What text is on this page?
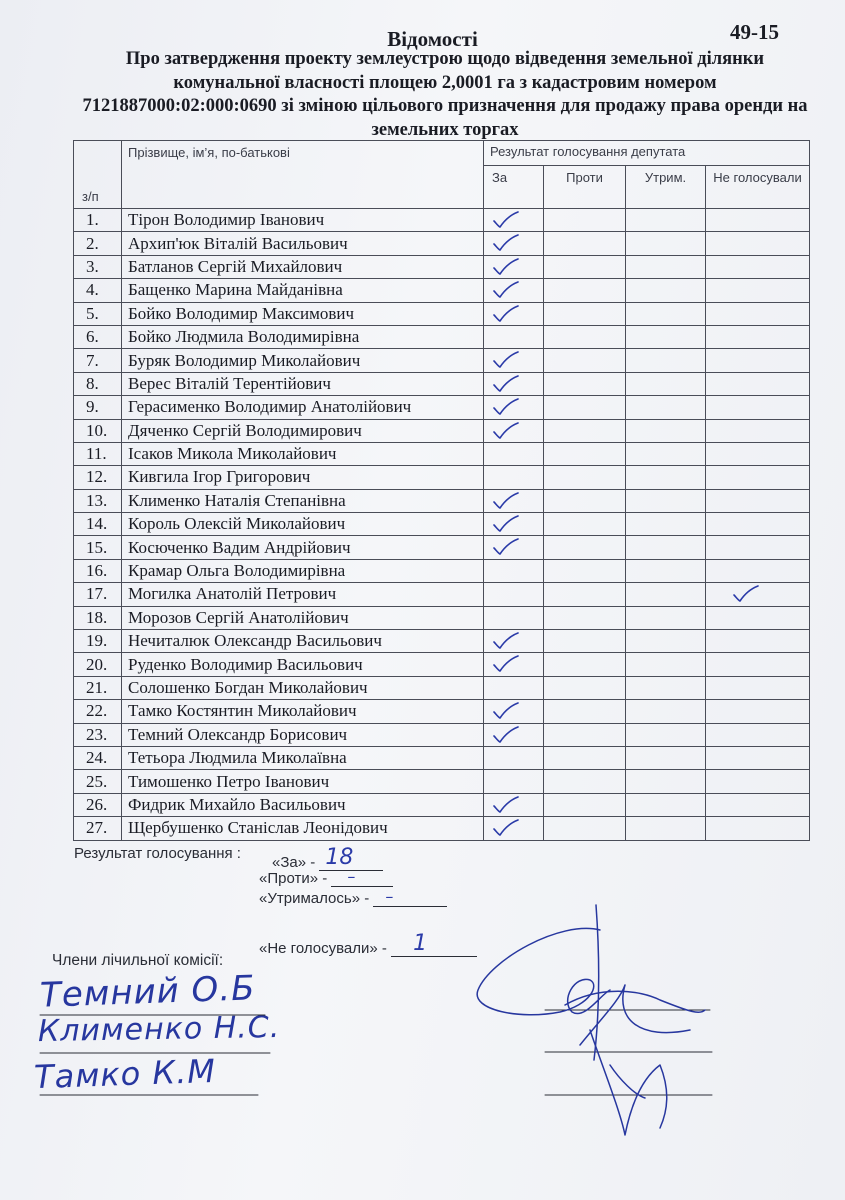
Відомості	49-15
Про затвердження проекту землеустрою щодо відведення земельної ділянки комунальної власності площею 2,0001 га з кадастровим номером 7121887000:02:000:0690 зі зміною цільового призначення для продажу права оренди на земельних торгах
з/п	Прізвище, ім’я, по-батькові	Результат голосування депутата			
		За	Проти	Утрим.	Не голосували
1.	Тірон Володимир Іванович	

2.	Архип'юк Віталій Васильович	

3.	Батланов Сергій Михайлович	

4.	Бащенко Марина Майданівна	

5.	Бойко Володимир Максимович	

6.	Бойко Людмила Володимирівна				
7.	Буряк Володимир Миколайович	

8.	Верес Віталій Терентійович	

9.	Герасименко Володимир Анатолійович	

10.	Дяченко Сергій Володимирович	

11.	Ісаков Микола Миколайович				
12.	Кивгила Ігор Григорович				
13.	Клименко Наталія Степанівна	

14.	Король Олексій Миколайович	

15.	Косюченко Вадим Андрійович	

16.	Крамар Ольга Володимирівна				
17.	Могилка Анатолій Петрович				

18.	Морозов Сергій Анатолійович				
19.	Нечиталюк Олександр Васильович	

20.	Руденко Володимир Васильович	

21.	Солошенко Богдан Миколайович				
22.	Тамко Костянтин Миколайович	

23.	Темний Олександр Борисович	

24.	Тетьора Людмила Миколаївна				
25.	Тимошенко Петро Іванович				
26.	Фидрик Михайло Васильович	

27.	Щербушенко Станіслав Леонідович	

Результат голосування :
«За» - 18
«Проти» - –
«Утрималось» - –
«Не голосували» - 1
Члени лічильної комісії:
Темний О.Б
Клименко Н.С.
Тамко К.М
